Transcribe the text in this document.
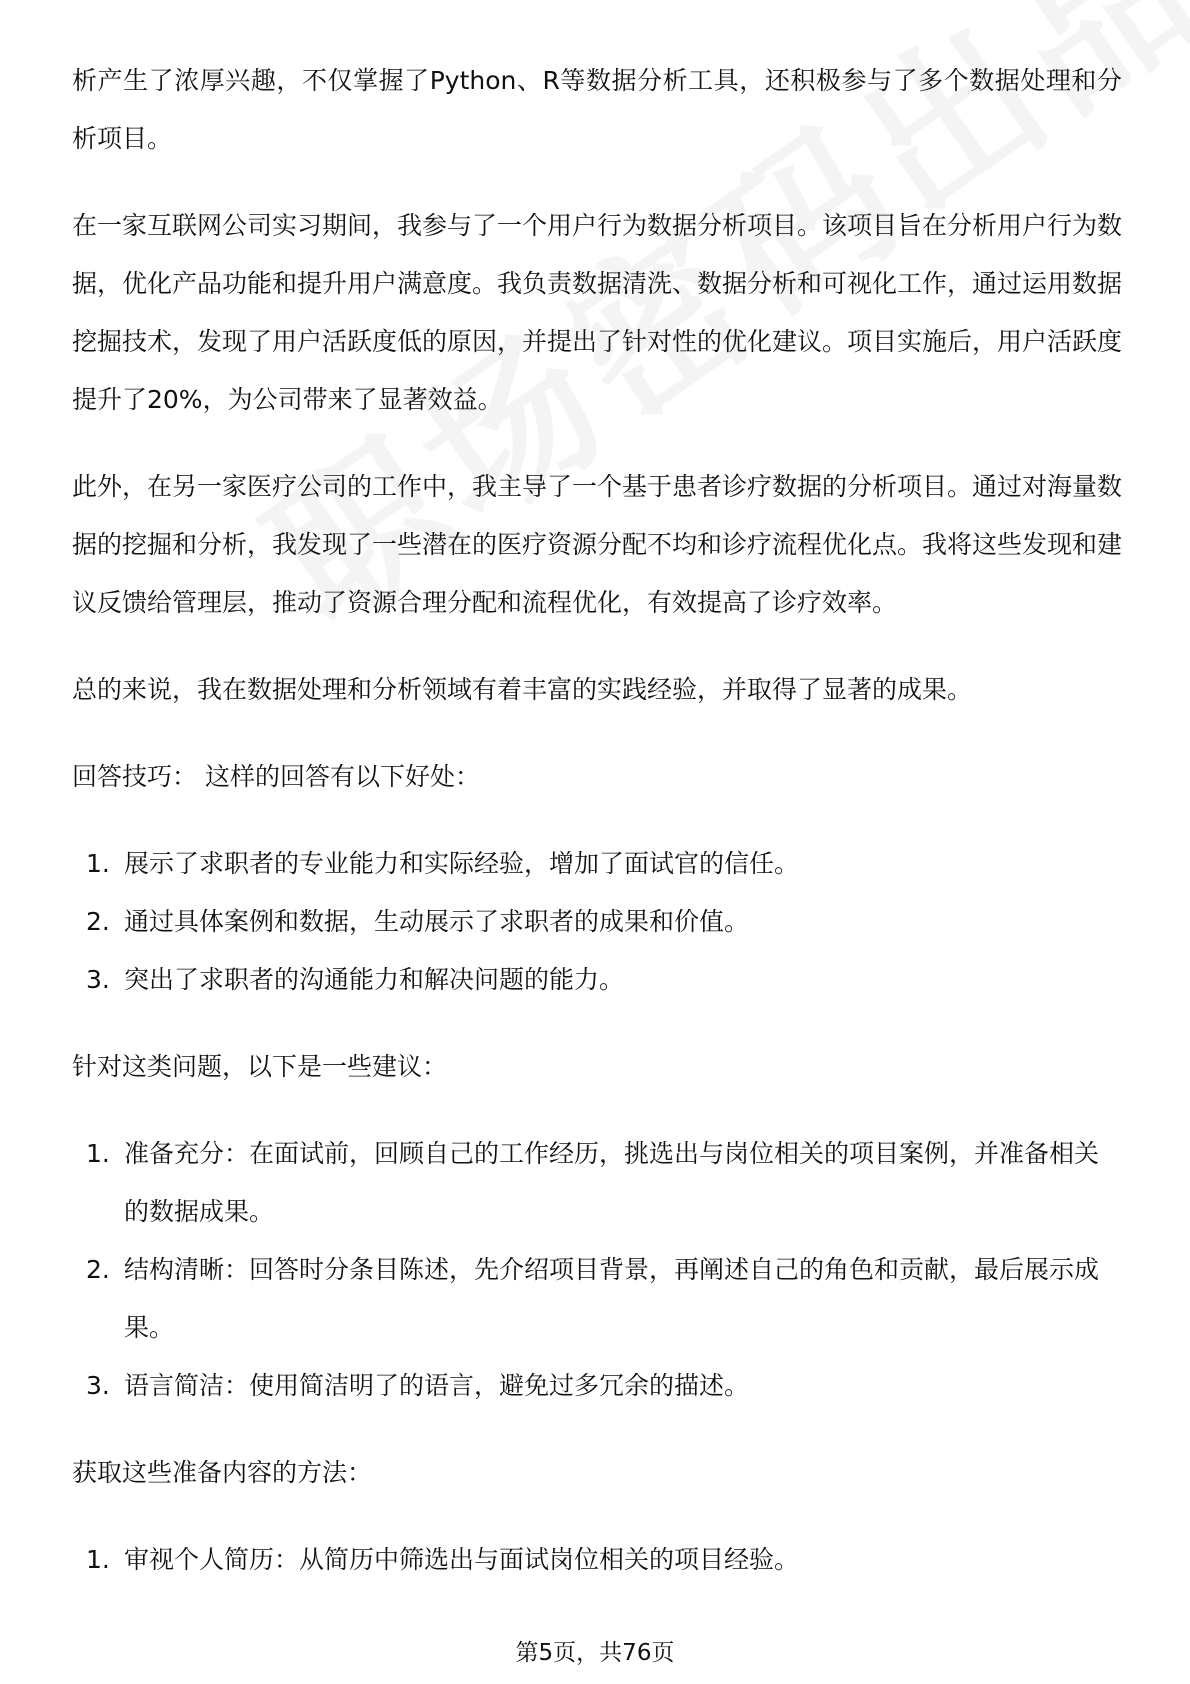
析产生了浓厚兴趣，不仅掌握了Python、R等数据分析工具，还积极参与了多个数据处理和分析项目。

在一家互联网公司实习期间，我参与了一个用户行为数据分析项目。该项目旨在分析用户行为数据，优化产品功能和提升用户满意度。我负责数据清洗、数据分析和可视化工作，通过运用数据挖掘技术，发现了用户活跃度低的原因，并提出了针对性的优化建议。项目实施后，用户活跃度提升了20%，为公司带来了显著效益。

此外，在另一家医疗公司的工作中，我主导了一个基于患者诊疗数据的分析项目。通过对海量数据的挖掘和分析，我发现了一些潜在的医疗资源分配不均和诊疗流程优化点。我将这些发现和建议反馈给管理层，推动了资源合理分配和流程优化，有效提高了诊疗效率。

总的来说，我在数据处理和分析领域有着丰富的实践经验，并取得了显著的成果。

回答技巧： 这样的回答有以下好处：

1. 展示了求职者的专业能力和实际经验，增加了面试官的信任。
2. 通过具体案例和数据，生动展示了求职者的成果和价值。
3. 突出了求职者的沟通能力和解决问题的能力。

针对这类问题，以下是一些建议：

1. 准备充分：在面试前，回顾自己的工作经历，挑选出与岗位相关的项目案例，并准备相关的数据成果。
2. 结构清晰：回答时分条目陈述，先介绍项目背景，再阐述自己的角色和贡献，最后展示成果。
3. 语言简洁：使用简洁明了的语言，避免过多冗余的描述。

获取这些准备内容的方法：

1. 审视个人简历：从简历中筛选出与面试岗位相关的项目经验。
第5页，共76页
